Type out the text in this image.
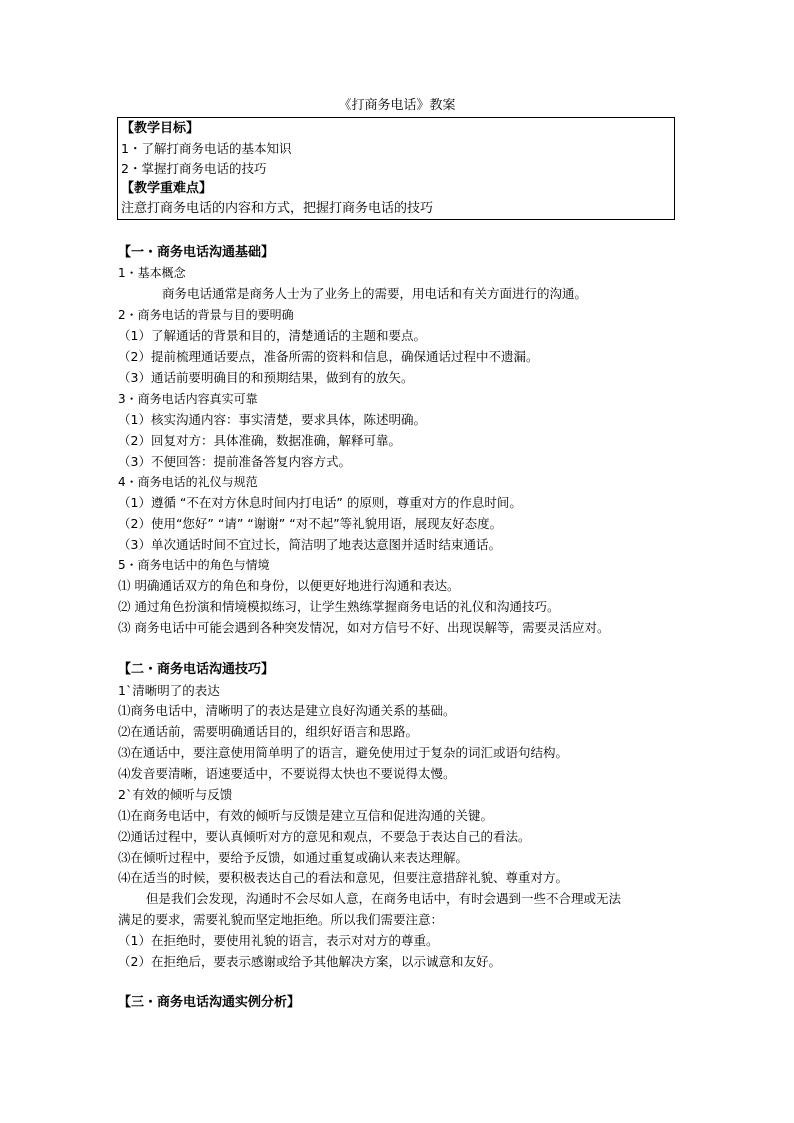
《打商务电话》教案
【教学目标】
1・了解打商务电话的基本知识
2・掌握打商务电话的技巧
【教学重难点】
注意打商务电话的内容和方式，把握打商务电话的技巧
【一・商务电话沟通基础】
1・基本概念
商务电话通常是商务人士为了业务上的需要，用电话和有关方面进行的沟通。
2・商务电话的背景与目的要明确
（1）了解通话的背景和目的，清楚通话的主题和要点。
（2）提前梳理通话要点，准备所需的资料和信息，确保通话过程中不遗漏。
（3）通话前要明确目的和预期结果，做到有的放矢。
3・商务电话内容真实可靠
（1）核实沟通内容：事实清楚，要求具体，陈述明确。
（2）回复对方：具体准确，数据准确，解释可靠。
（3）不便回答：提前准备答复内容方式。
4・商务电话的礼仪与规范
（1）遵循 “不在对方休息时间内打电话” 的原则，尊重对方的作息时间。
（2）使用“您好” “请” “谢谢” “对不起”等礼貌用语，展现友好态度。
（3）单次通话时间不宜过长，简洁明了地表达意图并适时结束通话。
5・商务电话中的角色与情境
⑴ 明确通话双方的角色和身份，以便更好地进行沟通和表达。
⑵ 通过角色扮演和情境模拟练习，让学生熟练掌握商务电话的礼仪和沟通技巧。
⑶ 商务电话中可能会遇到各种突发情况，如对方信号不好、出现误解等，需要灵活应对。
【二・商务电话沟通技巧】
1`清晰明了的表达
⑴商务电话中，清晰明了的表达是建立良好沟通关系的基础。
⑵在通话前，需要明确通话目的，组织好语言和思路。
⑶在通话中，要注意使用简单明了的语言，避免使用过于复杂的词汇或语句结构。
⑷发音要清晰，语速要适中，不要说得太快也不要说得太慢。
2`有效的倾听与反馈
⑴在商务电话中，有效的倾听与反馈是建立互信和促进沟通的关键。
⑵通话过程中，要认真倾听对方的意见和观点，不要急于表达自己的看法。
⑶在倾听过程中，要给予反馈，如通过重复或确认来表达理解。
⑷在适当的时候，要积极表达自己的看法和意见，但要注意措辞礼貌、尊重对方。
但是我们会发现，沟通时不会尽如人意，在商务电话中，有时会遇到一些不合理或无法
满足的要求，需要礼貌而坚定地拒绝。所以我们需要注意：
（1）在拒绝时，要使用礼貌的语言，表示对对方的尊重。
（2）在拒绝后，要表示感谢或给予其他解决方案，以示诚意和友好。
【三・商务电话沟通实例分析】
